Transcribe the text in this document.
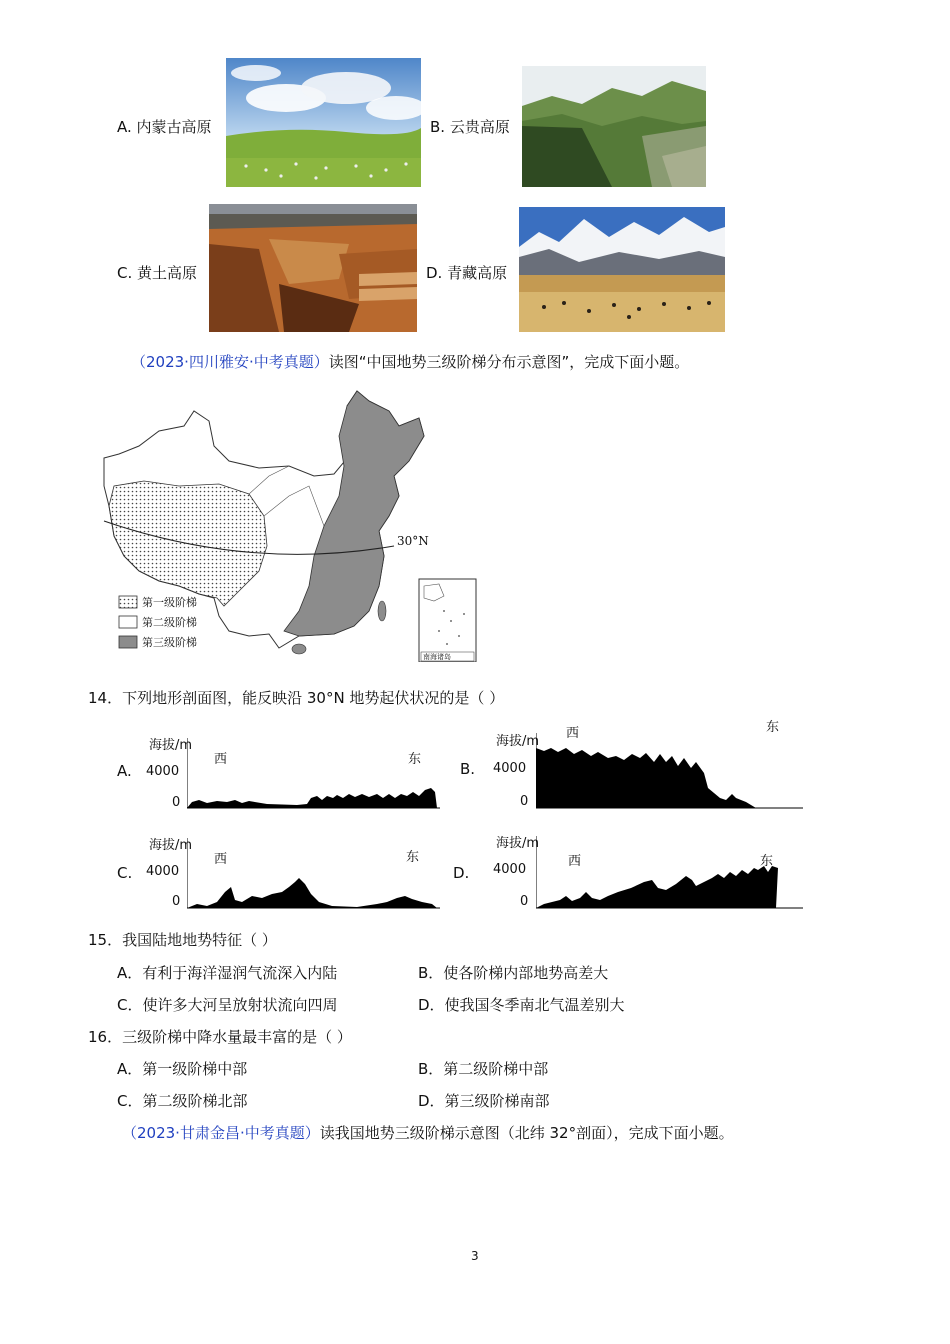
A. 内蒙古高原	B. 云贵高原
C. 黄土高原	D. 青藏高原
（2023·四川雅安·中考真题）读图“中国地势三级阶梯分布示意图”，完成下面小题。
30°N
第一级阶梯
第二级阶梯
第三级阶梯
南海诸岛
14．下列地形剖面图，能反映沿 30°N 地势起伏状况的是（ ）
A.
海拔/m
4000
0
西	东
B.
海拔/m
4000
0
西	东
C.
海拔/m
4000
0
西	东
D.
海拔/m
4000
0
西	东
15．我国陆地地势特征（ ）
A．有利于海洋湿润气流深入内陆	B．使各阶梯内部地势高差大
C．使许多大河呈放射状流向四周	D．使我国冬季南北气温差别大
16．三级阶梯中降水量最丰富的是（ ）
A．第一级阶梯中部	B．第二级阶梯中部
C．第二级阶梯北部	D．第三级阶梯南部
（2023·甘肃金昌·中考真题）读我国地势三级阶梯示意图（北纬 32°剖面），完成下面小题。
3
